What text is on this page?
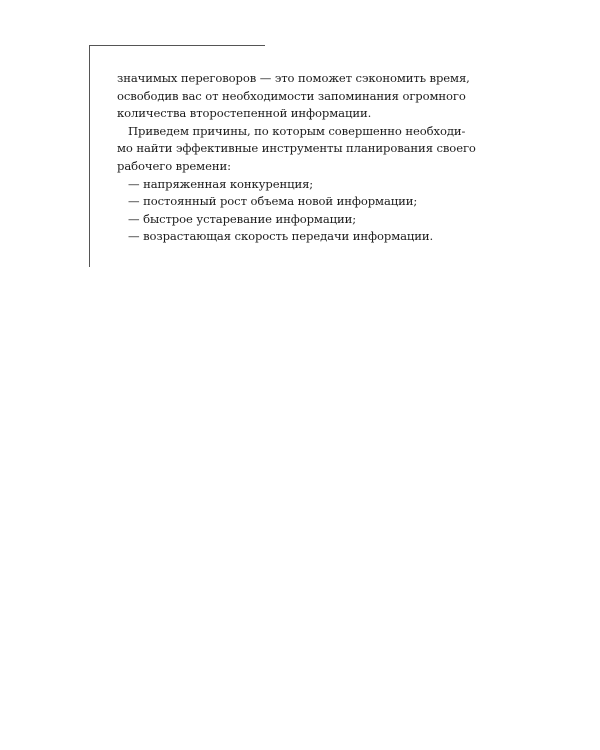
значимых переговоров — это поможет сэкономить время,
освободив вас от необходимости запоминания огромного
количества второстепенной информации.
Приведем причины, по которым совершенно необходи-
мо найти эффективные инструменты планирования своего
рабочего времени:
— напряженная конкуренция;
— постоянный рост объема новой информации;
— быстрое устаревание информации;
— возрастающая скорость передачи информации.
